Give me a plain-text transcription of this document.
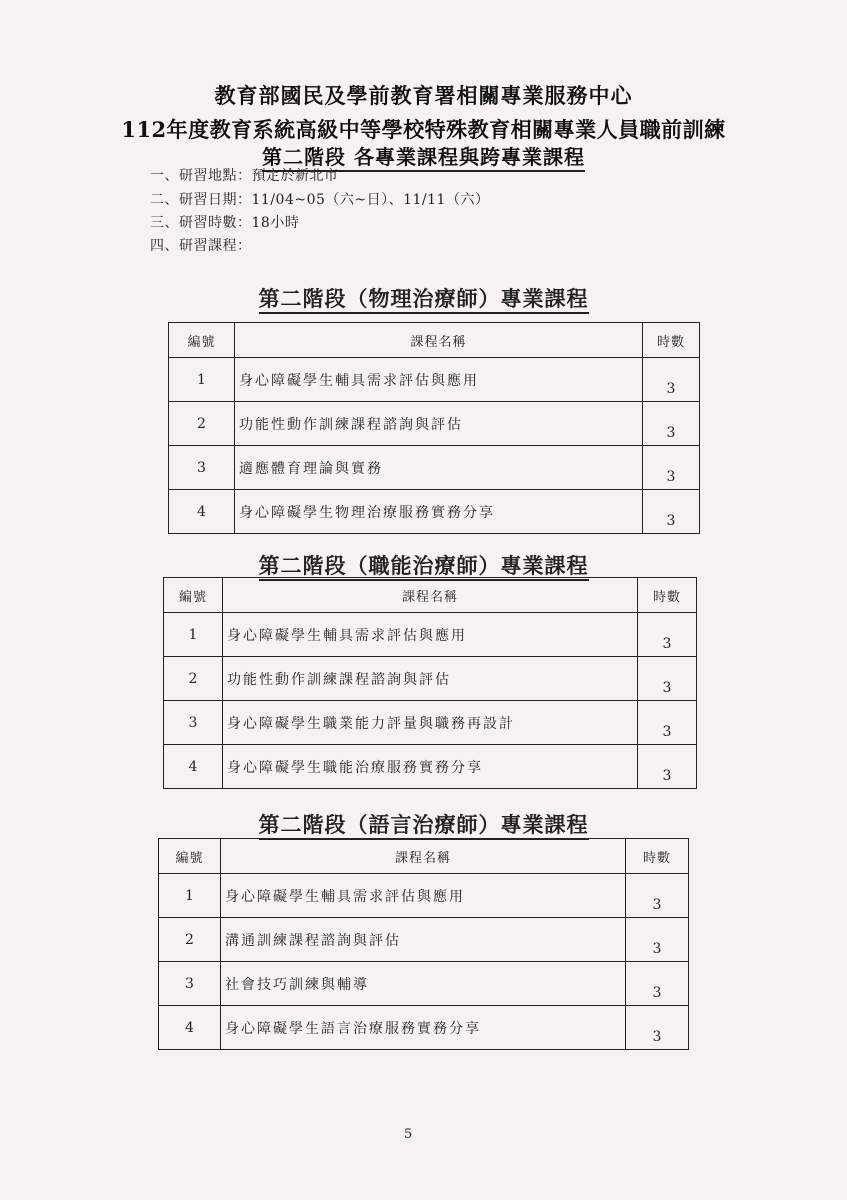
教育部國民及學前教育署相關專業服務中心
112年度教育系統高級中等學校特殊教育相關專業人員職前訓練
第二階段 各專業課程與跨專業課程
一、研習地點：預定於新北市
二、研習日期：11/04~05（六~日）、11/11（六）
三、研習時數：18小時
四、研習課程：
第二階段（物理治療師）專業課程
編號	課程名稱	時數
1	身心障礙學生輔具需求評估與應用	3
2	功能性動作訓練課程諮詢與評估	3
3	適應體育理論與實務	3
4	身心障礙學生物理治療服務實務分享	3
第二階段（職能治療師）專業課程
編號	課程名稱	時數
1	身心障礙學生輔具需求評估與應用	3
2	功能性動作訓練課程諮詢與評估	3
3	身心障礙學生職業能力評量與職務再設計	3
4	身心障礙學生職能治療服務實務分享	3
第二階段（語言治療師）專業課程
編號	課程名稱	時數
1	身心障礙學生輔具需求評估與應用	3
2	溝通訓練課程諮詢與評估	3
3	社會技巧訓練與輔導	3
4	身心障礙學生語言治療服務實務分享	3
5
